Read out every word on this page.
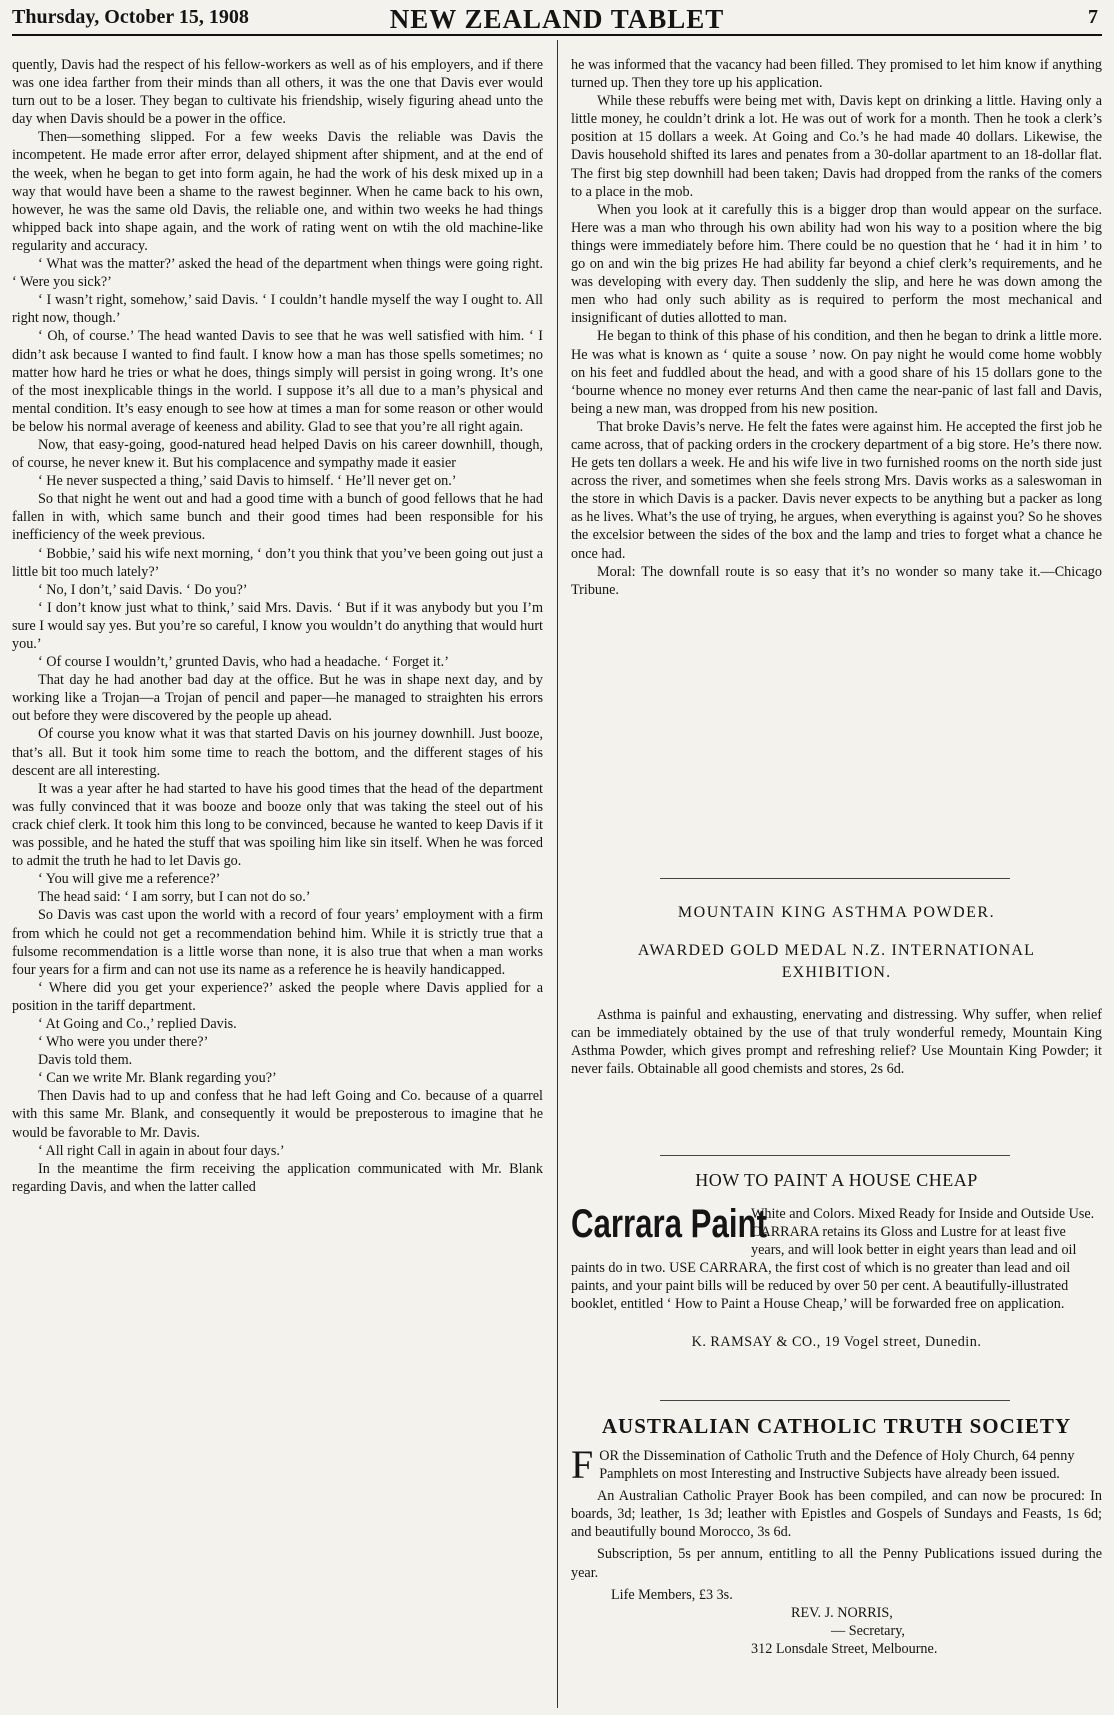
Thursday, October 15, 1908	NEW ZEALAND TABLET	7

quently, Davis had the respect of his fellow-workers as well as of his employers, and if there was one idea farther from their minds than all others, it was the one that Davis ever would turn out to be a loser. They began to cultivate his friendship, wisely figuring ahead unto the day when Davis should be a power in the office.

Then—something slipped. For a few weeks Davis the reliable was Davis the incompetent. He made error after error, delayed shipment after shipment, and at the end of the week, when he began to get into form again, he had the work of his desk mixed up in a way that would have been a shame to the rawest beginner. When he came back to his own, however, he was the same old Davis, the reliable one, and within two weeks he had things whipped back into shape again, and the work of rating went on wtih the old machine-like regularity and accuracy.

‘ What was the matter?’ asked the head of the department when things were going right. ‘ Were you sick?’

‘ I wasn’t right, somehow,’ said Davis. ‘ I couldn’t handle myself the way I ought to. All right now, though.’

‘ Oh, of course.’ The head wanted Davis to see that he was well satisfied with him. ‘ I didn’t ask because I wanted to find fault. I know how a man has those spells sometimes; no matter how hard he tries or what he does, things simply will persist in going wrong. It’s one of the most inexplicable things in the world. I suppose it’s all due to a man’s physical and mental condition. It’s easy enough to see how at times a man for some reason or other would be below his normal average of keeness and ability. Glad to see that you’re all right again.

Now, that easy-going, good-natured head helped Davis on his career downhill, though, of course, he never knew it. But his complacence and sympathy made it easier

‘ He never suspected a thing,’ said Davis to himself. ‘ He’ll never get on.’

So that night he went out and had a good time with a bunch of good fellows that he had fallen in with, which same bunch and their good times had been responsible for his inefficiency of the week previous.

‘ Bobbie,’ said his wife next morning, ‘ don’t you think that you’ve been going out just a little bit too much lately?’

‘ No, I don’t,’ said Davis. ‘ Do you?’

‘ I don’t know just what to think,’ said Mrs. Davis. ‘ But if it was anybody but you I’m sure I would say yes. But you’re so careful, I know you wouldn’t do anything that would hurt you.’

‘ Of course I wouldn’t,’ grunted Davis, who had a headache. ‘ Forget it.’

That day he had another bad day at the office. But he was in shape next day, and by working like a Trojan—a Trojan of pencil and paper—he managed to straighten his errors out before they were discovered by the people up ahead.

Of course you know what it was that started Davis on his journey downhill. Just booze, that’s all. But it took him some time to reach the bottom, and the different stages of his descent are all interesting.

It was a year after he had started to have his good times that the head of the department was fully convinced that it was booze and booze only that was taking the steel out of his crack chief clerk. It took him this long to be convinced, because he wanted to keep Davis if it was possible, and he hated the stuff that was spoiling him like sin itself. When he was forced to admit the truth he had to let Davis go.

‘ You will give me a reference?’

The head said: ‘ I am sorry, but I can not do so.’

So Davis was cast upon the world with a record of four years’ employment with a firm from which he could not get a recommendation behind him. While it is strictly true that a fulsome recommendation is a little worse than none, it is also true that when a man works four years for a firm and can not use its name as a reference he is heavily handicapped.

‘ Where did you get your experience?’ asked the people where Davis applied for a position in the tariff department.

‘ At Going and Co.,’ replied Davis.

‘ Who were you under there?’

Davis told them.

‘ Can we write Mr. Blank regarding you?’

Then Davis had to up and confess that he had left Going and Co. because of a quarrel with this same Mr. Blank, and consequently it would be preposterous to imagine that he would be favorable to Mr. Davis.

‘ All right Call in again in about four days.’

In the meantime the firm receiving the application communicated with Mr. Blank regarding Davis, and when the latter called

he was informed that the vacancy had been filled. They promised to let him know if anything turned up. Then they tore up his application.

While these rebuffs were being met with, Davis kept on drinking a little. Having only a little money, he couldn’t drink a lot. He was out of work for a month. Then he took a clerk’s position at 15 dollars a week. At Going and Co.’s he had made 40 dollars. Likewise, the Davis household shifted its lares and penates from a 30-dollar apartment to an 18-dollar flat. The first big step downhill had been taken; Davis had dropped from the ranks of the comers to a place in the mob.

When you look at it carefully this is a bigger drop than would appear on the surface. Here was a man who through his own ability had won his way to a position where the big things were immediately before him. There could be no question that he ‘ had it in him ’ to go on and win the big prizes He had ability far beyond a chief clerk’s requirements, and he was developing with every day. Then suddenly the slip, and here he was down among the men who had only such ability as is required to perform the most mechanical and insignificant of duties allotted to man.

He began to think of this phase of his condition, and then he began to drink a little more. He was what is known as ‘ quite a souse ’ now. On pay night he would come home wobbly on his feet and fuddled about the head, and with a good share of his 15 dollars gone to the ‘bourne whence no money ever returns And then came the near-panic of last fall and Davis, being a new man, was dropped from his new position.

That broke Davis’s nerve. He felt the fates were against him. He accepted the first job he came across, that of packing orders in the crockery department of a big store. He’s there now. He gets ten dollars a week. He and his wife live in two furnished rooms on the north side just across the river, and sometimes when she feels strong Mrs. Davis works as a saleswoman in the store in which Davis is a packer. Davis never expects to be anything but a packer as long as he lives. What’s the use of trying, he argues, when everything is against you? So he shoves the excelsior between the sides of the box and the lamp and tries to forget what a chance he once had.

Moral: The downfall route is so easy that it’s no wonder so many take it.—Chicago Tribune.

MOUNTAIN KING ASTHMA POWDER.
AWARDED GOLD MEDAL N.Z. INTERNATIONAL
EXHIBITION.

Asthma is painful and exhausting, enervating and distressing. Why suffer, when relief can be immediately obtained by the use of that truly wonderful remedy, Mountain King Asthma Powder, which gives prompt and refreshing relief? Use Mountain King Powder; it never fails. Obtainable all good chemists and stores, 2s 6d.

HOW TO PAINT A HOUSE CHEAP
Carrara Paint
White and Colors. Mixed Ready for Inside and Outside Use. CARRARA retains its Gloss and Lustre for at least five years, and will look better in eight years than lead and oil paints do in two. USE CARRARA, the first cost of which is no greater than lead and oil paints, and your paint bills will be reduced by over 50 per cent. A beautifully-illustrated booklet, entitled ‘ How to Paint a House Cheap,’ will be forwarded free on application.
K. RAMSAY & CO., 19 Vogel street, Dunedin.
AUSTRALIAN CATHOLIC TRUTH SOCIETY
F OR the Dissemination of Catholic Truth and the Defence of Holy Church, 64 penny Pamphlets on most Interesting and Instructive Subjects have already been issued.

An Australian Catholic Prayer Book has been compiled, and can now be procured: In boards, 3d; leather, 1s 3d; leather with Epistles and Gospels of Sundays and Feasts, 1s 6d; and beautifully bound Morocco, 3s 6d.

Subscription, 5s per annum, entitling to all the Penny Publications issued during the year.

Life Members, £3 3s.
REV. J. NORRIS,
— Secretary,
312 Lonsdale Street, Melbourne.
